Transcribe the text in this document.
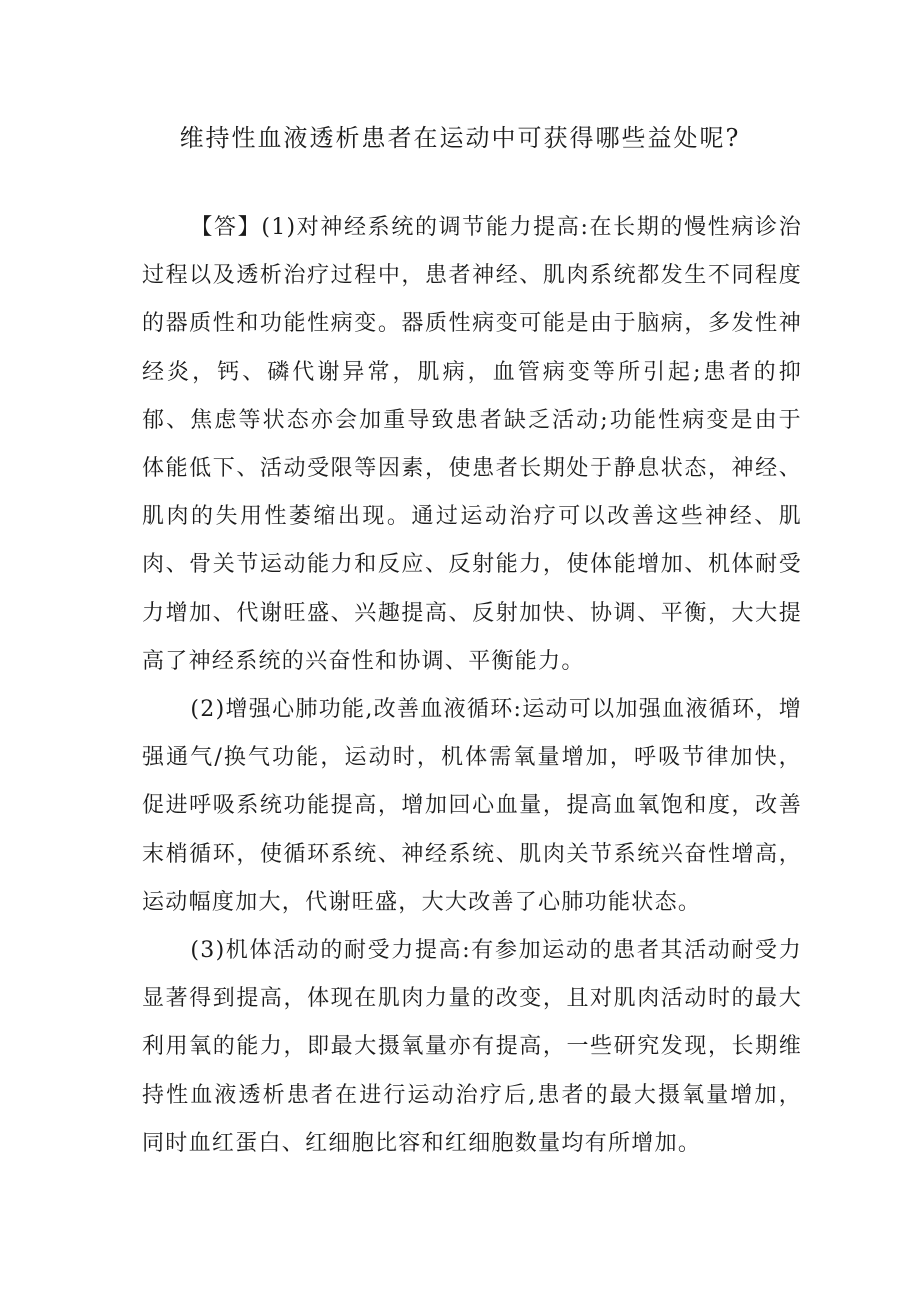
维持性血液透析患者在运动中可获得哪些益处呢?

【答】(1)对神经系统的调节能力提高:在长期的慢性病诊治过程以及透析治疗过程中，患者神经、肌肉系统都发生不同程度的器质性和功能性病变。器质性病变可能是由于脑病，多发性神经炎，钙、磷代谢异常，肌病，血管病变等所引起;患者的抑郁、焦虑等状态亦会加重导致患者缺乏活动;功能性病变是由于体能低下、活动受限等因素，使患者长期处于静息状态，神经、肌肉的失用性萎缩出现。通过运动治疗可以改善这些神经、肌肉、骨关节运动能力和反应、反射能力，使体能增加、机体耐受力增加、代谢旺盛、兴趣提高、反射加快、协调、平衡，大大提高了神经系统的兴奋性和协调、平衡能力。

(2)增强心肺功能,改善血液循环:运动可以加强血液循环，增强通气/换气功能，运动时，机体需氧量增加，呼吸节律加快，促进呼吸系统功能提高，增加回心血量，提高血氧饱和度，改善末梢循环，使循环系统、神经系统、肌肉关节系统兴奋性增高，运动幅度加大，代谢旺盛，大大改善了心肺功能状态。

(3)机体活动的耐受力提高:有参加运动的患者其活动耐受力显著得到提高，体现在肌肉力量的改变，且对肌肉活动时的最大利用氧的能力，即最大摄氧量亦有提高，一些研究发现，长期维持性血液透析患者在进行运动治疗后,患者的最大摄氧量增加，同时血红蛋白、红细胞比容和红细胞数量均有所增加。
